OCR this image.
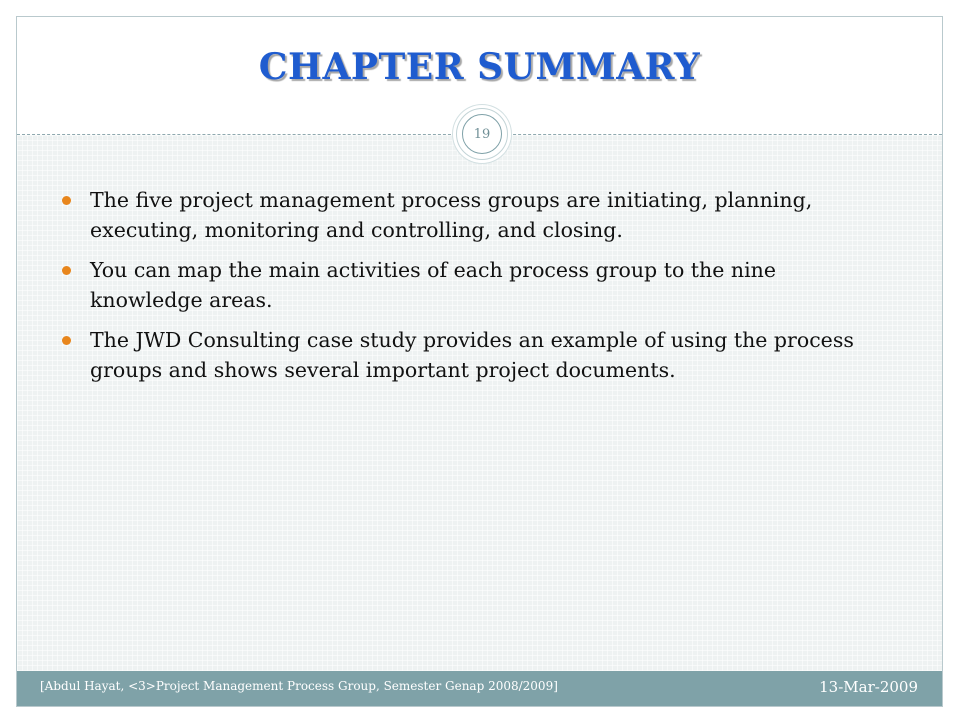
CHAPTER SUMMARY
19
The five project management process groups are initiating, planning, executing, monitoring and controlling, and closing.
You can map the main activities of each process group to the nine knowledge areas.
The JWD Consulting case study provides an example of using the process groups and shows several important project documents.
[Abdul Hayat, <3>Project Management Process Group, Semester Genap 2008/2009]	13-Mar-2009
